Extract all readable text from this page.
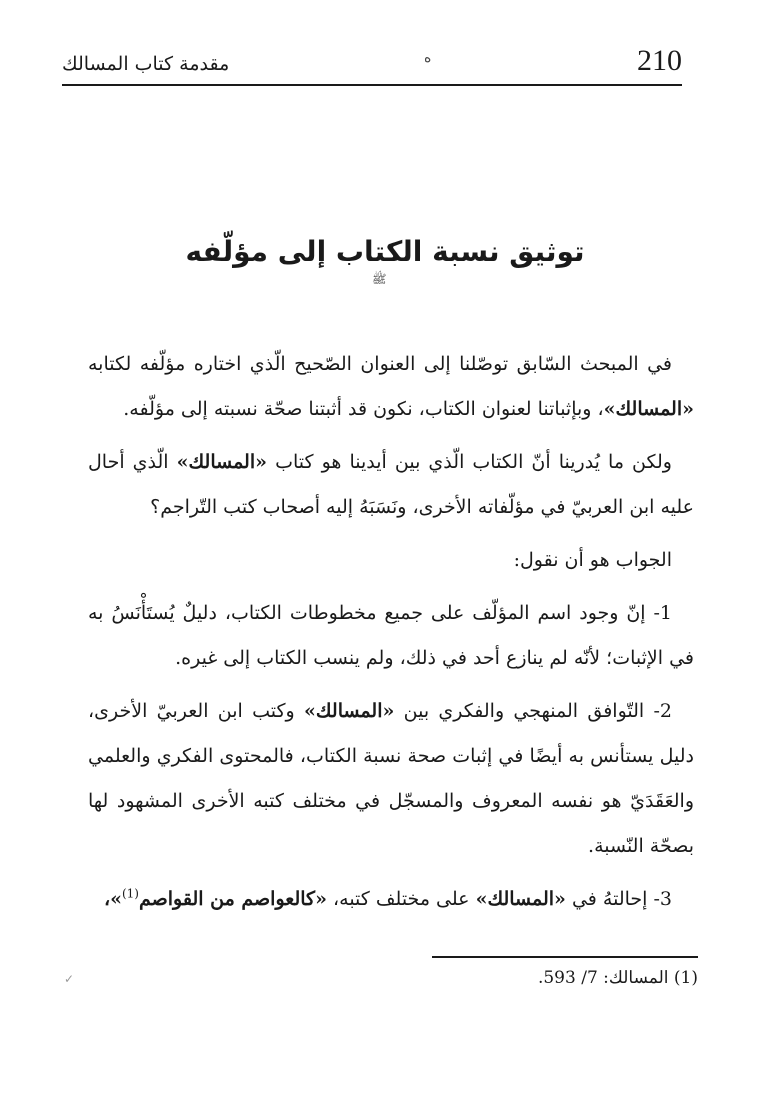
210
ه
مقدمة كتاب المسالك
توثيق نسبة الكتاب إلى مؤلّفه
ﷺ

في المبحث السّابق توصّلنا إلى العنوان الصّحيح الّذي اختاره مؤلّفه لكتابه «المسالك»، وبإثباتنا لعنوان الكتاب، نكون قد أثبتنا صحّة نسبته إلى مؤلّفه.

ولكن ما يُدرينا أنّ الكتاب الّذي بين أيدينا هو كتاب «المسالك» الّذي أحال عليه ابن العربيّ في مؤلّفاته الأخرى، ونَسَبَهُ إليه أصحاب كتب التّراجم؟

الجواب هو أن نقول:

1- إنّ وجود اسم المؤلّف على جميع مخطوطات الكتاب، دليلٌ يُستَأْنَسُ به في الإثبات؛ لأنّه لم ينازع أحد في ذلك، ولم ينسب الكتاب إلى غيره.

2- التّوافق المنهجي والفكري بين «المسالك» وكتب ابن العربيّ الأخرى، دليل يستأنس به أيضًا في إثبات صحة نسبة الكتاب، فالمحتوى الفكري والعلمي والعَقَدَيّ هو نفسه المعروف والمسجّل في مختلف كتبه الأخرى المشهود لها بصحّة النّسبة.

3- إحالتهُ في «المسالك» على مختلف كتبه، «كالعواصم من القواصم$^{(1)}$»،

(1) المسالك: 7/ 593.
✓
